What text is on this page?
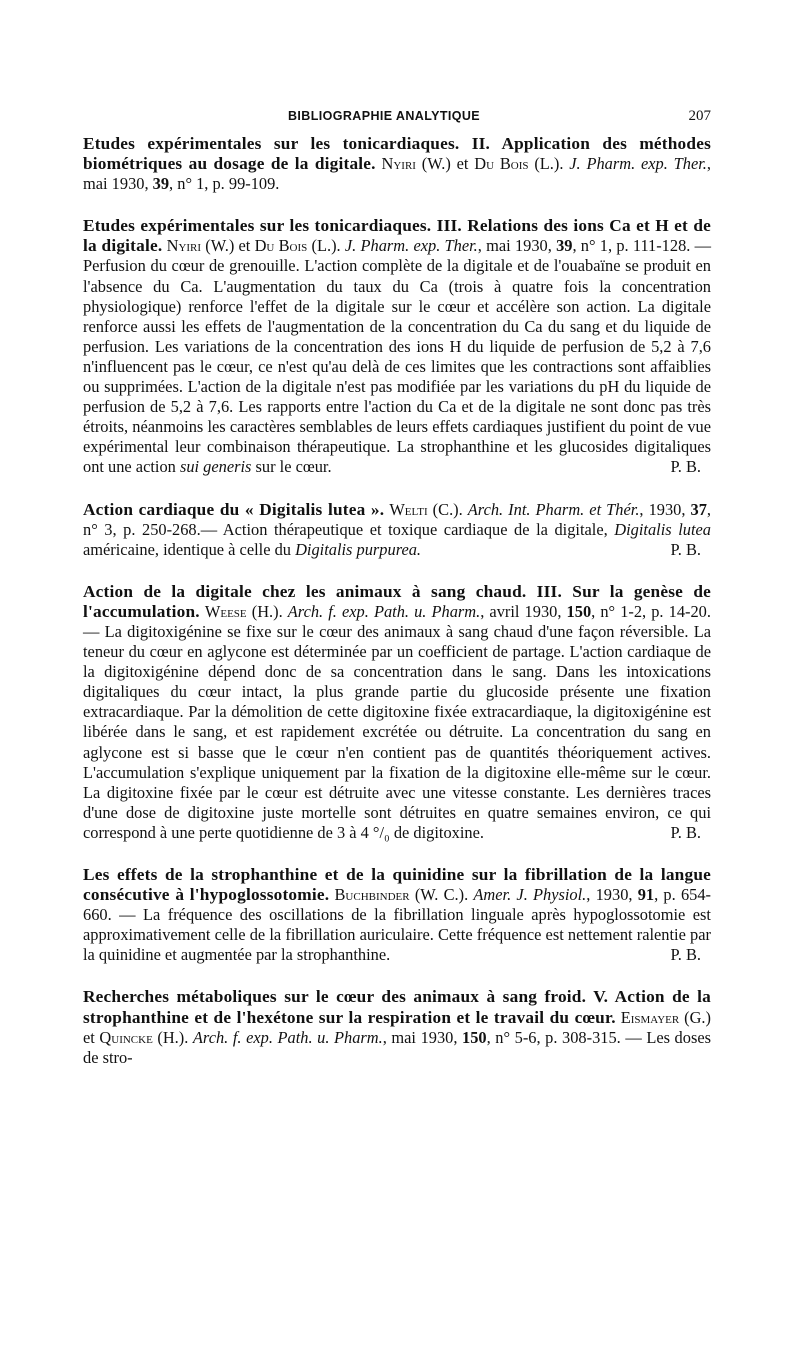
BIBLIOGRAPHIE ANALYTIQUE	207

Etudes expérimentales sur les tonicardiaques. II. Application des méthodes biométriques au dosage de la digitale. Nyiri (W.) et Du Bois (L.). J. Pharm. exp. Ther., mai 1930, 39, n° 1, p. 99-109.

Etudes expérimentales sur les tonicardiaques. III. Relations des ions Ca et H et de la digitale. Nyiri (W.) et Du Bois (L.). J. Pharm. exp. Ther., mai 1930, 39, n° 1, p. 111-128. — Perfusion du cœur de grenouille. L'action complète de la digitale et de l'ouabaïne se produit en l'absence du Ca. L'augmentation du taux du Ca (trois à quatre fois la concentration physiologique) renforce l'effet de la digitale sur le cœur et accélère son action. La digitale renforce aussi les effets de l'augmentation de la concentration du Ca du sang et du liquide de perfusion. Les variations de la concentration des ions H du liquide de perfusion de 5,2 à 7,6 n'influencent pas le cœur, ce n'est qu'au delà de ces limites que les contractions sont affaiblies ou supprimées. L'action de la digitale n'est pas modifiée par les variations du pH du liquide de perfusion de 5,2 à 7,6. Les rapports entre l'action du Ca et de la digitale ne sont donc pas très étroits, néanmoins les caractères semblables de leurs effets cardiaques justifient du point de vue expérimental leur combinaison thérapeutique. La strophanthine et les glucosides digitaliques ont une action sui generis sur le cœur.	P. B.

Action cardiaque du « Digitalis lutea ». Welti (C.). Arch. Int. Pharm. et Thér., 1930, 37, n° 3, p. 250-268.— Action thérapeutique et toxique cardiaque de la digitale, Digitalis lutea américaine, identique à celle du Digitalis purpurea.	P. B.

Action de la digitale chez les animaux à sang chaud. III. Sur la genèse de l'accumulation. Weese (H.). Arch. f. exp. Path. u. Pharm., avril 1930, 150, n° 1-2, p. 14-20. — La digitoxigénine se fixe sur le cœur des animaux à sang chaud d'une façon réversible. La teneur du cœur en aglycone est déterminée par un coefficient de partage. L'action cardiaque de la digitoxigénine dépend donc de sa concentration dans le sang. Dans les intoxications digitaliques du cœur intact, la plus grande partie du glucoside présente une fixation extracardiaque. Par la démolition de cette digitoxine fixée extracardiaque, la digitoxigénine est libérée dans le sang, et est rapidement excrétée ou détruite. La concentration du sang en aglycone est si basse que le cœur n'en contient pas de quantités théoriquement actives. L'accumulation s'explique uniquement par la fixation de la digitoxine elle-même sur le cœur. La digitoxine fixée par le cœur est détruite avec une vitesse constante. Les dernières traces d'une dose de digitoxine juste mortelle sont détruites en quatre semaines environ, ce qui correspond à une perte quotidienne de 3 à 4 °/₀ de digitoxine.	P. B.

Les effets de la strophanthine et de la quinidine sur la fibrillation de la langue consécutive à l'hypoglossotomie. Buchbinder (W. C.). Amer. J. Physiol., 1930, 91, p. 654-660. — La fréquence des oscillations de la fibrillation linguale après hypoglossotomie est approximativement celle de la fibrillation auriculaire. Cette fréquence est nettement ralentie par la quinidine et augmentée par la strophanthine.	P. B.

Recherches métaboliques sur le cœur des animaux à sang froid. V. Action de la strophanthine et de l'hexétone sur la respiration et le travail du cœur. Eismayer (G.) et Quincke (H.). Arch. f. exp. Path. u. Pharm., mai 1930, 150, n° 5-6, p. 308-315. — Les doses de stro-
